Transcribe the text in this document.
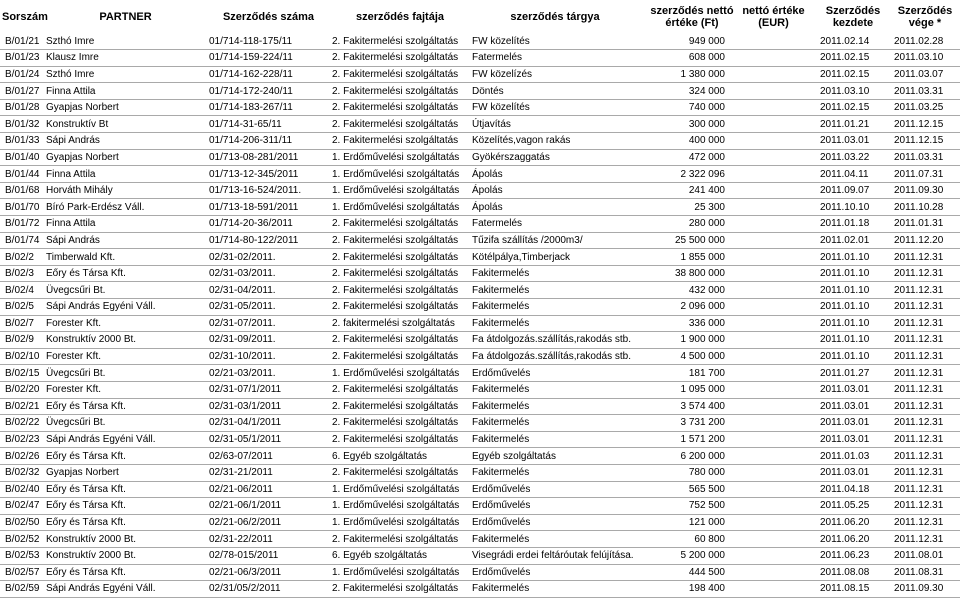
Sorszám	PARTNER	Szerződés száma	szerződés fajtája	szerződés tárgya	szerződés nettó értéke (Ft)	nettó értéke (EUR)	Szerződés kezdete	Szerződés vége *
B/01/21	Szthó Imre	01/714-118-175/11	2. Fakitermelési szolgáltatás	FW közelítés	949 000		2011.02.14	2011.02.28
B/01/23	Klausz Imre	01/714-159-224/11	2. Fakitermelési szolgáltatás	Fatermelés	608 000		2011.02.15	2011.03.10
B/01/24	Szthó Imre	01/714-162-228/11	2. Fakitermelési szolgáltatás	FW közelízés	1 380 000		2011.02.15	2011.03.07
B/01/27	Finna Attila	01/714-172-240/11	2. Fakitermelési szolgáltatás	Döntés	324 000		2011.03.10	2011.03.31
B/01/28	Gyapjas Norbert	01/714-183-267/11	2. Fakitermelési szolgáltatás	FW közelítés	740 000		2011.02.15	2011.03.25
B/01/32	Konstruktív Bt	01/714-31-65/11	2. Fakitermelési szolgáltatás	Útjavítás	300 000		2011.01.21	2011.12.15
B/01/33	Sápi András	01/714-206-311/11	2. Fakitermelési szolgáltatás	Közelítés,vagon rakás	400 000		2011.03.01	2011.12.15
B/01/40	Gyapjas Norbert	01/713-08-281/2011	1. Erdőművelési szolgáltatás	Gyökérszaggatás	472 000		2011.03.22	2011.03.31
B/01/44	Finna Attila	01/713-12-345/2011	1. Erdőművelési szolgáltatás	Ápolás	2 322 096		2011.04.11	2011.07.31
B/01/68	Horváth Mihály	01/713-16-524/2011.	1. Erdőművelési szolgáltatás	Ápolás	241 400		2011.09.07	2011.09.30
B/01/70	Bíró Park-Erdész Váll.	01/713-18-591/2011	1. Erdőművelési szolgáltatás	Ápolás	25 300		2011.10.10	2011.10.28
B/01/72	Finna Attila	01/714-20-36/2011	2. Fakitermelési szolgáltatás	Fatermelés	280 000		2011.01.18	2011.01.31
B/01/74	Sápi András	01/714-80-122/2011	2. Fakitermelési szolgáltatás	Tűzifa szállítás /2000m3/	25 500 000		2011.02.01	2011.12.20
B/02/2	Timberwald Kft.	02/31-02/2011.	2. Fakitermelési szolgáltatás	Kötélpálya,Timberjack	1 855 000		2011.01.10	2011.12.31
B/02/3	Eőry és Társa Kft.	02/31-03/2011.	2. Fakitermelési szolgáltatás	Fakitermelés	38 800 000		2011.01.10	2011.12.31
B/02/4	Üvegcsűri Bt.	02/31-04/2011.	2. Fakitermelési szolgáltatás	Fakitermelés	432 000		2011.01.10	2011.12.31
B/02/5	Sápi András Egyéni Váll.	02/31-05/2011.	2. Fakitermelési szolgáltatás	Fakitermelés	2 096 000		2011.01.10	2011.12.31
B/02/7	Forester Kft.	02/31-07/2011.	2. fakitermelési szolgáltatás	Fakitermelés	336 000		2011.01.10	2011.12.31
B/02/9	Konstruktív 2000 Bt.	02/31-09/2011.	2. Fakitermelési szolgáltatás	Fa átdolgozás.szállítás,rakodás stb.	1 900 000		2011.01.10	2011.12.31
B/02/10	Forester Kft.	02/31-10/2011.	2. Fakitermelési szolgáltatás	Fa átdolgozás.szállítás,rakodás stb.	4 500 000		2011.01.10	2011.12.31
B/02/15	Üvegcsűri Bt.	02/21-03/2011.	1. Erdőművelési szolgáltatás	Erdőművelés	181 700		2011.01.27	2011.12.31
B/02/20	Forester Kft.	02/31-07/1/2011	2. Fakitermelési szolgáltatás	Fakitermelés	1 095 000		2011.03.01	2011.12.31
B/02/21	Eőry és Társa Kft.	02/31-03/1/2011	2. Fakitermelési szolgáltatás	Fakitermelés	3 574 400		2011.03.01	2011.12.31
B/02/22	Üvegcsűri Bt.	02/31-04/1/2011	2. Fakitermelési szolgáltatás	Fakitermelés	3 731 200		2011.03.01	2011.12.31
B/02/23	Sápi András Egyéni Váll.	02/31-05/1/2011	2. Fakitermelési szolgáltatás	Fakitermelés	1 571 200		2011.03.01	2011.12.31
B/02/26	Eőry és Társa Kft.	02/63-07/2011	6. Egyéb szolgáltatás	Egyéb szolgáltatás	6 200 000		2011.01.03	2011.12.31
B/02/32	Gyapjas Norbert	02/31-21/2011	2. Fakitermelési szolgáltatás	Fakitermelés	780 000		2011.03.01	2011.12.31
B/02/40	Eőry és Társa Kft.	02/21-06/2011	1. Erdőművelési szolgáltatás	Erdőművelés	565 500		2011.04.18	2011.12.31
B/02/47	Eőry és Társa Kft.	02/21-06/1/2011	1. Erdőművelési szolgáltatás	Erdőművelés	752 500		2011.05.25	2011.12.31
B/02/50	Eőry és Társa Kft.	02/21-06/2/2011	1. Erdőművelési szolgáltatás	Erdőművelés	121 000		2011.06.20	2011.12.31
B/02/52	Konstruktív 2000 Bt.	02/31-22/2011	2. Fakitermelési szolgáltatás	Fakitermelés	60 800		2011.06.20	2011.12.31
B/02/53	Konstruktív 2000 Bt.	02/78-015/2011	6. Egyéb szolgáltatás	Visegrádi erdei feltáróutak felújítása.	5 200 000		2011.06.23	2011.08.01
B/02/57	Eőry és Társa Kft.	02/21-06/3/2011	1. Erdőművelési szolgáltatás	Erdőművelés	444 500		2011.08.08	2011.08.31
B/02/59	Sápi András Egyéni Váll.	02/31/05/2/2011	2. Fakitermelési szolgáltatás	Fakitermelés	198 400		2011.08.15	2011.09.30
